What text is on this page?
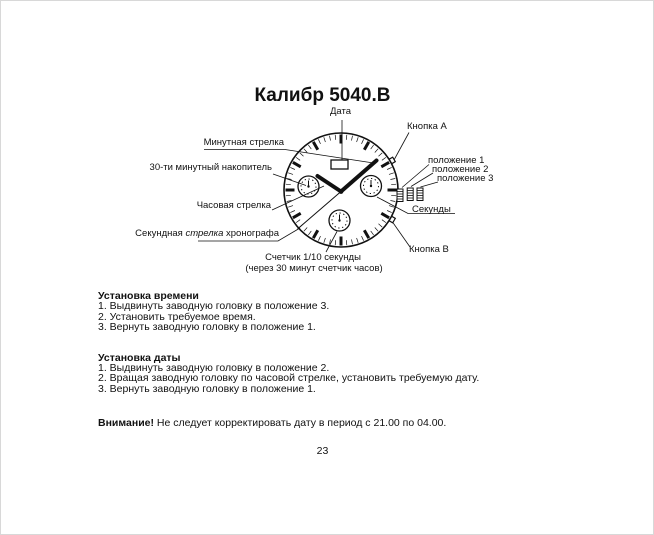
Калибр 5040.В
Дата
Кнопка A
Минутная стрелка
30-ти минутный накопитель
Часовая стрелка
Секундная стрелка хронографа
положение 1
положение 2
положение 3
Секунды
Кнопка B
Счетчик 1/10 секунды
(через 30 минут счетчик часов)
Установка времени
1. Выдвинуть заводную головку в положение 3.
2. Установить требуемое время.
3. Вернуть заводную головку в положение 1.
Установка даты
1. Выдвинуть заводную головку в положение 2.
2. Вращая заводную головку по часовой стрелке, установить требуемую дату.
3. Вернуть заводную головку в положение 1.
Внимание! Не следует корректировать дату в период с 21.00 по 04.00.
23
